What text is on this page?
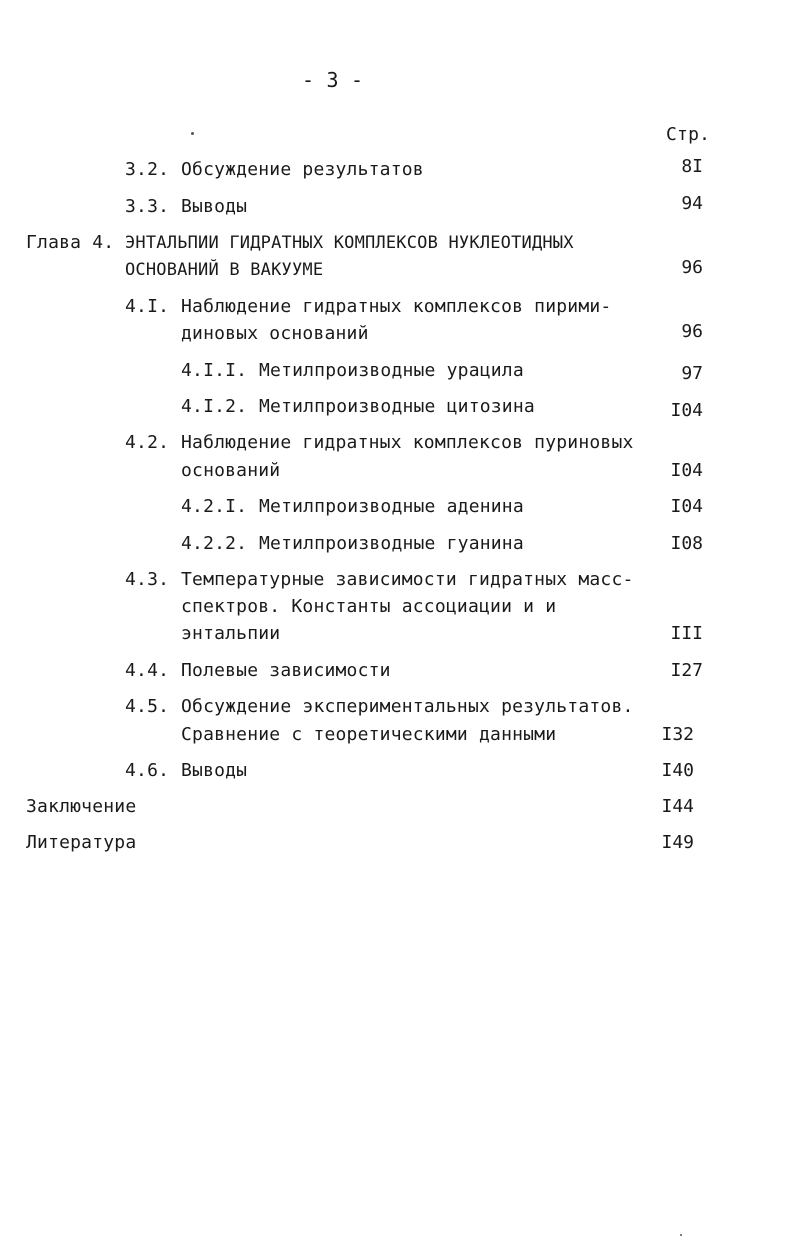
- 3 -
Стр.
3.2. Обсуждение результатов	8I
3.3. Выводы	94
Глава 4. ЭНТАЛЬПИИ ГИДРАТНЫХ КОМПЛЕКСОВ НУКЛЕОТИДНЫХ
ОСНОВАНИЙ В ВАКУУМЕ	96
4.I. Наблюдение гидратных комплексов пирими-
диновых оснований	96
4.I.I. Метилпроизводные урацила	97
4.I.2. Метилпроизводные цитозина	I04
4.2. Наблюдение гидратных комплексов пуриновых
оснований	I04
4.2.I. Метилпроизводные аденина	I04
4.2.2. Метилпроизводные гуанина	I08
4.3. Температурные зависимости гидратных масс-
спектров. Константы ассоциации и и
энтальпии	III
4.4. Полевые зависимости	I27
4.5. Обсуждение экспериментальных результатов.
Сравнение с теоретическими данными	I32
4.6. Выводы	I40
Заключение	I44
Литература	I49
